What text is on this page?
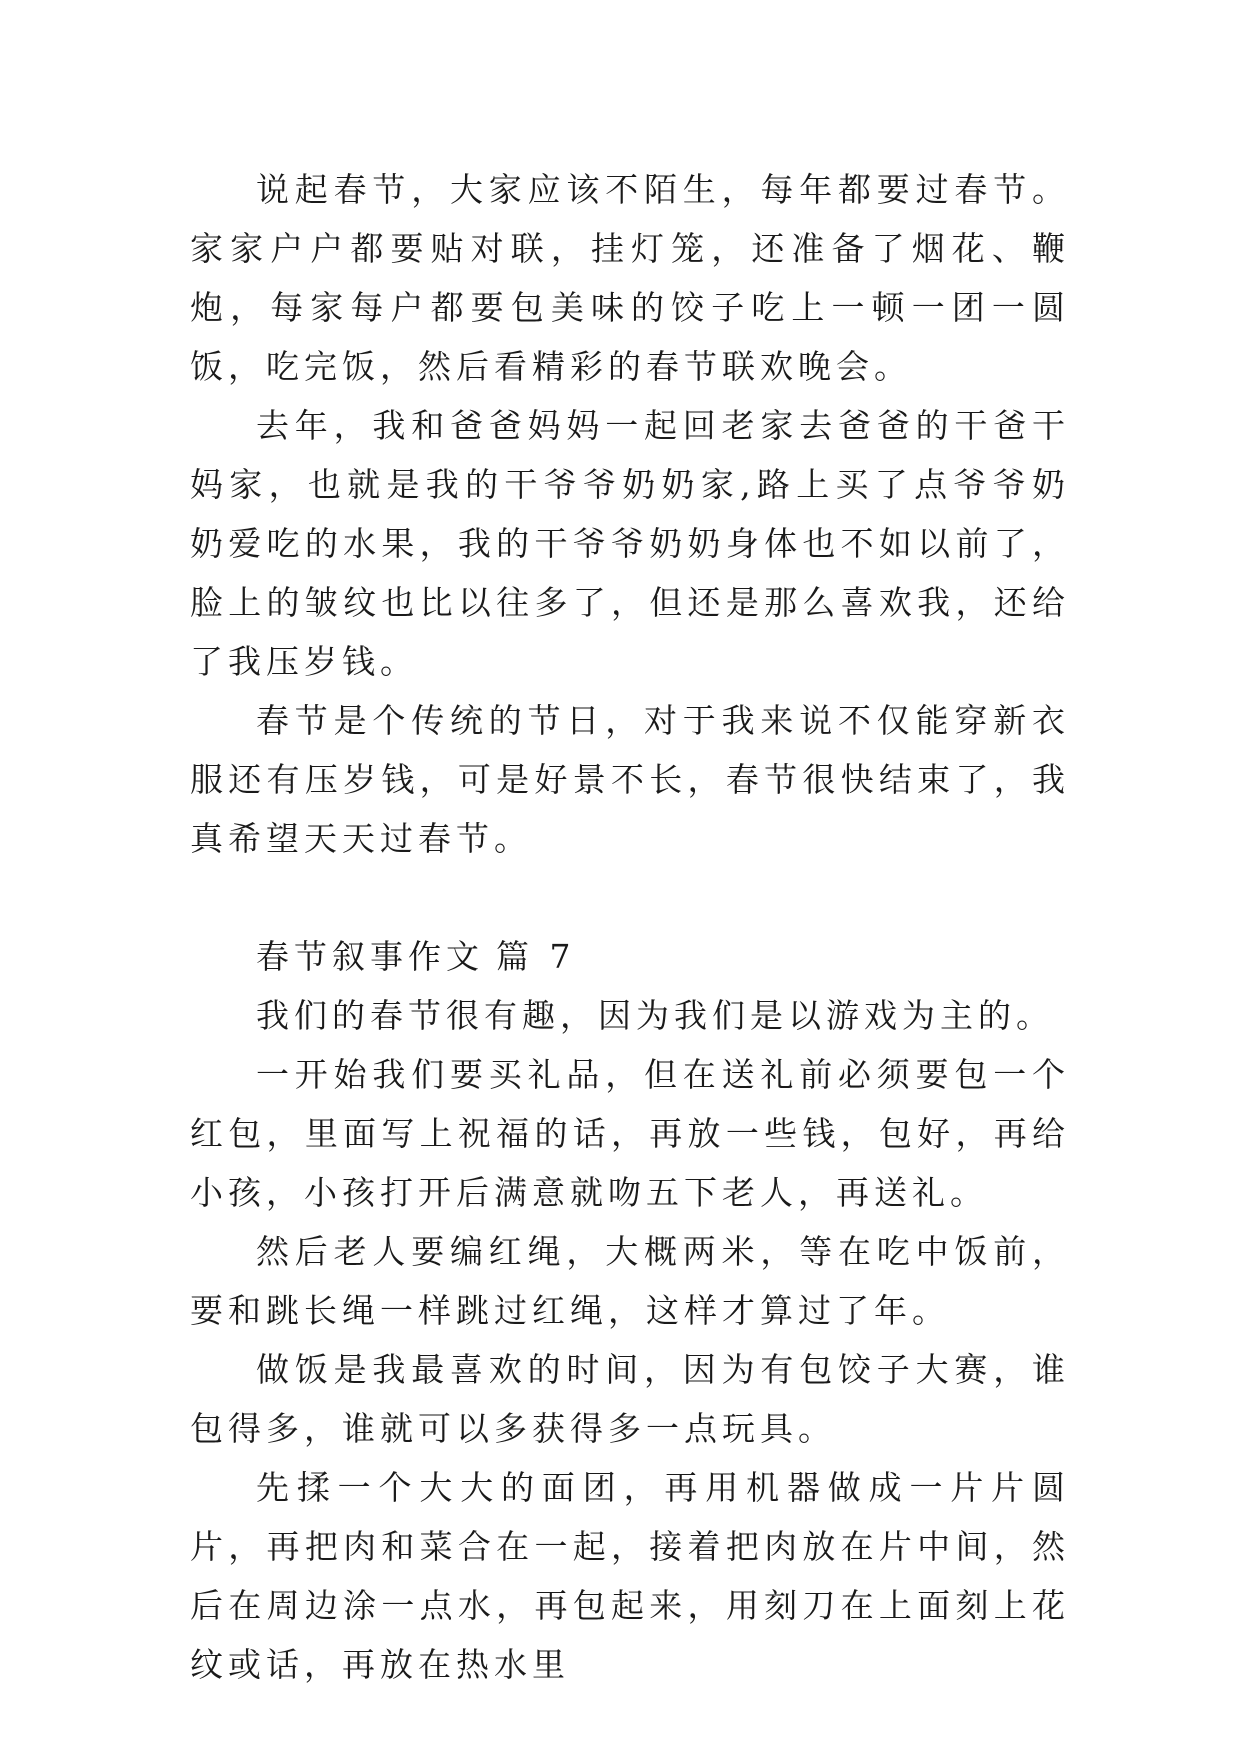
说起春节，大家应该不陌生，每年都要过春节。家家户户都要贴对联，挂灯笼，还准备了烟花、鞭炮，每家每户都要包美味的饺子吃上一顿一团一圆饭，吃完饭，然后看精彩的春节联欢晚会。

去年，我和爸爸妈妈一起回老家去爸爸的干爸干妈家，也就是我的干爷爷奶奶家,路上买了点爷爷奶奶爱吃的水果，我的干爷爷奶奶身体也不如以前了，脸上的皱纹也比以往多了，但还是那么喜欢我，还给了我压岁钱。

春节是个传统的节日，对于我来说不仅能穿新衣服还有压岁钱，可是好景不长，春节很快结束了，我真希望天天过春节。

春节叙事作文 篇 7

我们的春节很有趣，因为我们是以游戏为主的。

一开始我们要买礼品，但在送礼前必须要包一个红包，里面写上祝福的话，再放一些钱，包好，再给小孩，小孩打开后满意就吻五下老人，再送礼。

然后老人要编红绳，大概两米，等在吃中饭前，要和跳长绳一样跳过红绳，这样才算过了年。

做饭是我最喜欢的时间，因为有包饺子大赛，谁包得多，谁就可以多获得多一点玩具。

先揉一个大大的面团，再用机器做成一片片圆片，再把肉和菜合在一起，接着把肉放在片中间，然后在周边涂一点水，再包起来，用刻刀在上面刻上花纹或话，再放在热水里
